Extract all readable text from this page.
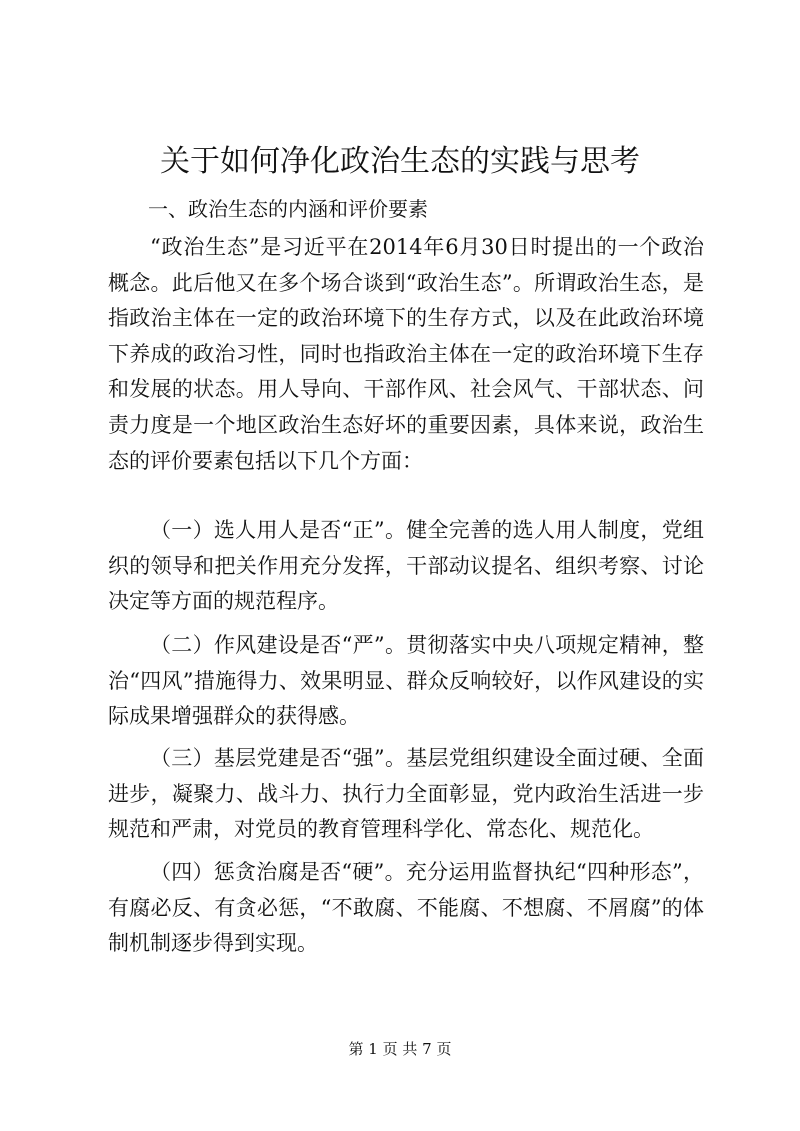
关于如何净化政治生态的实践与思考
一、政治生态的内涵和评价要素

“政治生态”是习近平在2014年6月30日时提出的一个政治概念。此后他又在多个场合谈到“政治生态”。所谓政治生态，是指政治主体在一定的政治环境下的生存方式，以及在此政治环境下养成的政治习性，同时也指政治主体在一定的政治环境下生存和发展的状态。用人导向、干部作风、社会风气、干部状态、问责力度是一个地区政治生态好坏的重要因素，具体来说，政治生态的评价要素包括以下几个方面：

（一）选人用人是否“正”。健全完善的选人用人制度，党组织的领导和把关作用充分发挥，干部动议提名、组织考察、讨论决定等方面的规范程序。

（二）作风建设是否“严”。贯彻落实中央八项规定精神，整治“四风”措施得力、效果明显、群众反响较好，以作风建设的实际成果增强群众的获得感。

（三）基层党建是否“强”。基层党组织建设全面过硬、全面进步，凝聚力、战斗力、执行力全面彰显，党内政治生活进一步规范和严肃，对党员的教育管理科学化、常态化、规范化。

（四）惩贪治腐是否“硬”。充分运用监督执纪“四种形态”，有腐必反、有贪必惩，“不敢腐、不能腐、不想腐、不屑腐”的体制机制逐步得到实现。

第 1 页 共 7 页
